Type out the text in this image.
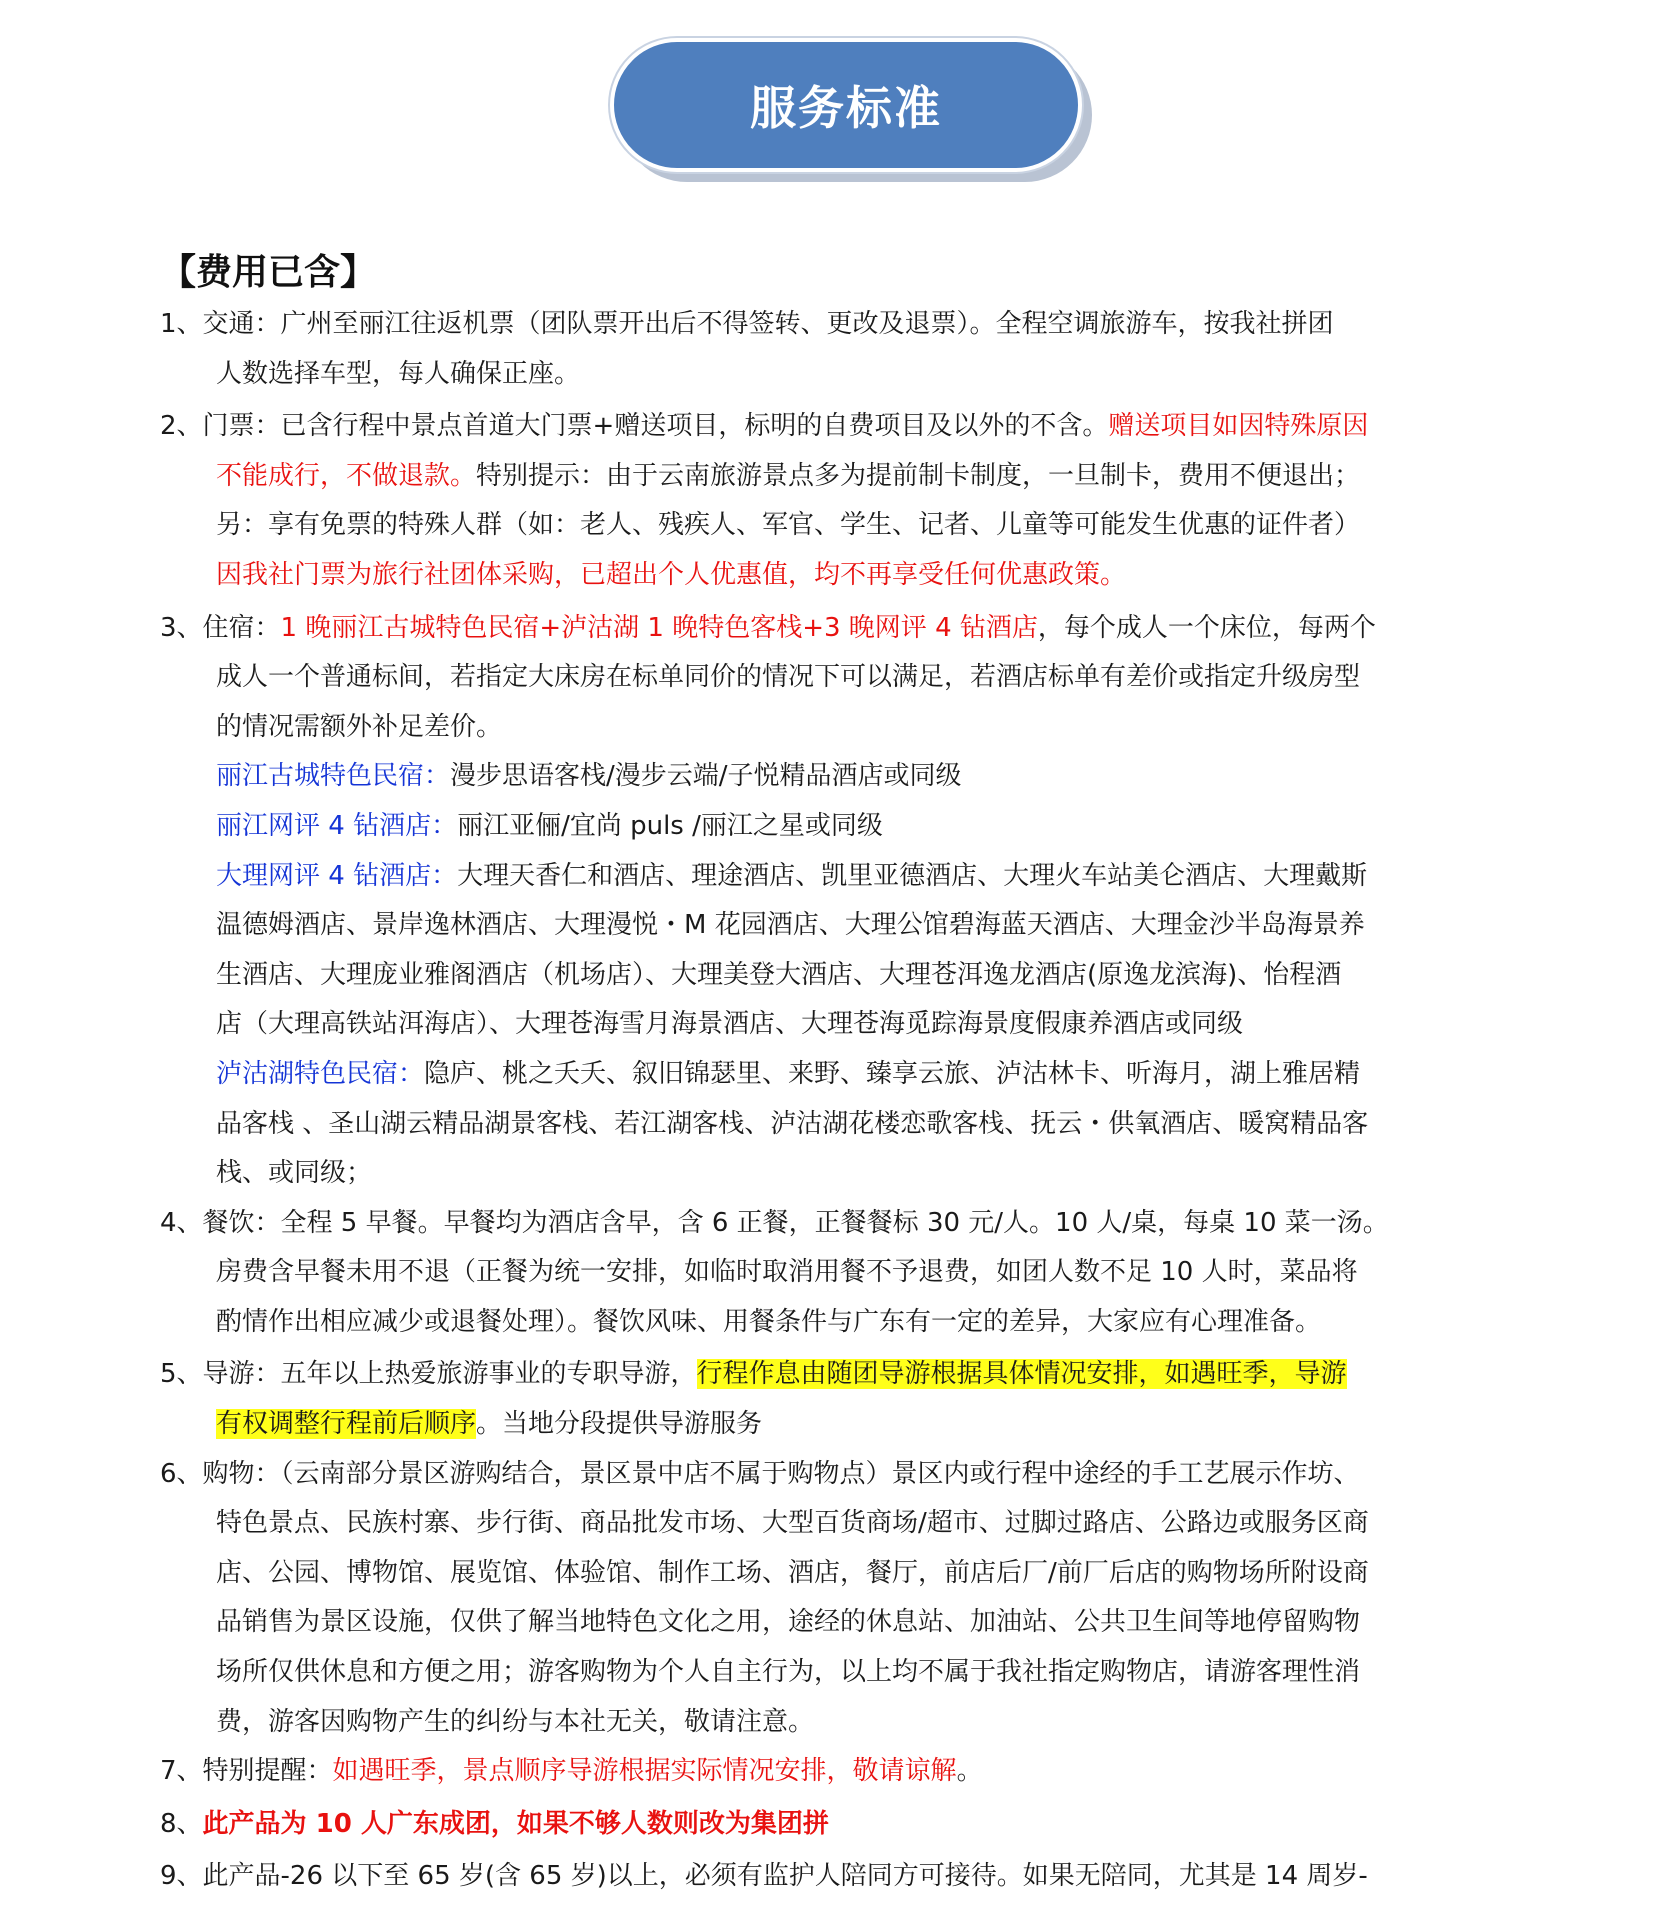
服务标准
【费用已含】
1、交通：广州至丽江往返机票（团队票开出后不得签转、更改及退票）。全程空调旅游车，按我社拼团
人数选择车型，每人确保正座。
2、门票：已含行程中景点首道大门票+赠送项目，标明的自费项目及以外的不含。赠送项目如因特殊原因
不能成行，不做退款。特别提示：由于云南旅游景点多为提前制卡制度，一旦制卡，费用不便退出；
另：享有免票的特殊人群（如：老人、残疾人、军官、学生、记者、儿童等可能发生优惠的证件者）
因我社门票为旅行社团体采购，已超出个人优惠值，均不再享受任何优惠政策。
3、住宿：1 晚丽江古城特色民宿+泸沽湖 1 晚特色客栈+3 晚网评 4 钻酒店，每个成人一个床位，每两个
成人一个普通标间，若指定大床房在标单同价的情况下可以满足，若酒店标单有差价或指定升级房型
的情况需额外补足差价。
丽江古城特色民宿：漫步思语客栈/漫步云端/子悦精品酒店或同级
丽江网评 4 钻酒店：丽江亚俪/宜尚 puls /丽江之星或同级
大理网评 4 钻酒店：大理天香仁和酒店、理途酒店、凯里亚德酒店、大理火车站美仑酒店、大理戴斯
温德姆酒店、景岸逸林酒店、大理漫悦・M 花园酒店、大理公馆碧海蓝天酒店、大理金沙半岛海景养
生酒店、大理庞业雅阁酒店（机场店）、大理美登大酒店、大理苍洱逸龙酒店(原逸龙滨海)、怡程酒
店（大理高铁站洱海店）、大理苍海雪月海景酒店、大理苍海觅踪海景度假康养酒店或同级
泸沽湖特色民宿：隐庐、桃之夭夭、叙旧锦瑟里、来野、臻享云旅、泸沽林卡、听海月，湖上雅居精
品客栈 、圣山湖云精品湖景客栈、若江湖客栈、泸沽湖花楼恋歌客栈、抚云・供氧酒店、暖窝精品客
栈、或同级；
4、餐饮：全程 5 早餐。早餐均为酒店含早，含 6 正餐，正餐餐标 30 元/人。10 人/桌，每桌 10 菜一汤。
房费含早餐未用不退（正餐为统一安排，如临时取消用餐不予退费，如团人数不足 10 人时，菜品将
酌情作出相应减少或退餐处理）。餐饮风味、用餐条件与广东有一定的差异，大家应有心理准备。
5、导游：五年以上热爱旅游事业的专职导游，行程作息由随团导游根据具体情况安排，如遇旺季，导游
有权调整行程前后顺序。当地分段提供导游服务
6、购物：（云南部分景区游购结合，景区景中店不属于购物点）景区内或行程中途经的手工艺展示作坊、
特色景点、民族村寨、步行街、商品批发市场、大型百货商场/超市、过脚过路店、公路边或服务区商
店、公园、博物馆、展览馆、体验馆、制作工场、酒店，餐厅，前店后厂/前厂后店的购物场所附设商
品销售为景区设施，仅供了解当地特色文化之用，途经的休息站、加油站、公共卫生间等地停留购物
场所仅供休息和方便之用；游客购物为个人自主行为，以上均不属于我社指定购物店，请游客理性消
费，游客因购物产生的纠纷与本社无关，敬请注意。
7、特别提醒：如遇旺季，景点顺序导游根据实际情况安排，敬请谅解。
8、此产品为 10 人广东成团，如果不够人数则改为集团拼
9、此产品-26 以下至 65 岁(含 65 岁)以上，必须有监护人陪同方可接待。如果无陪同，尤其是 14 周岁-
